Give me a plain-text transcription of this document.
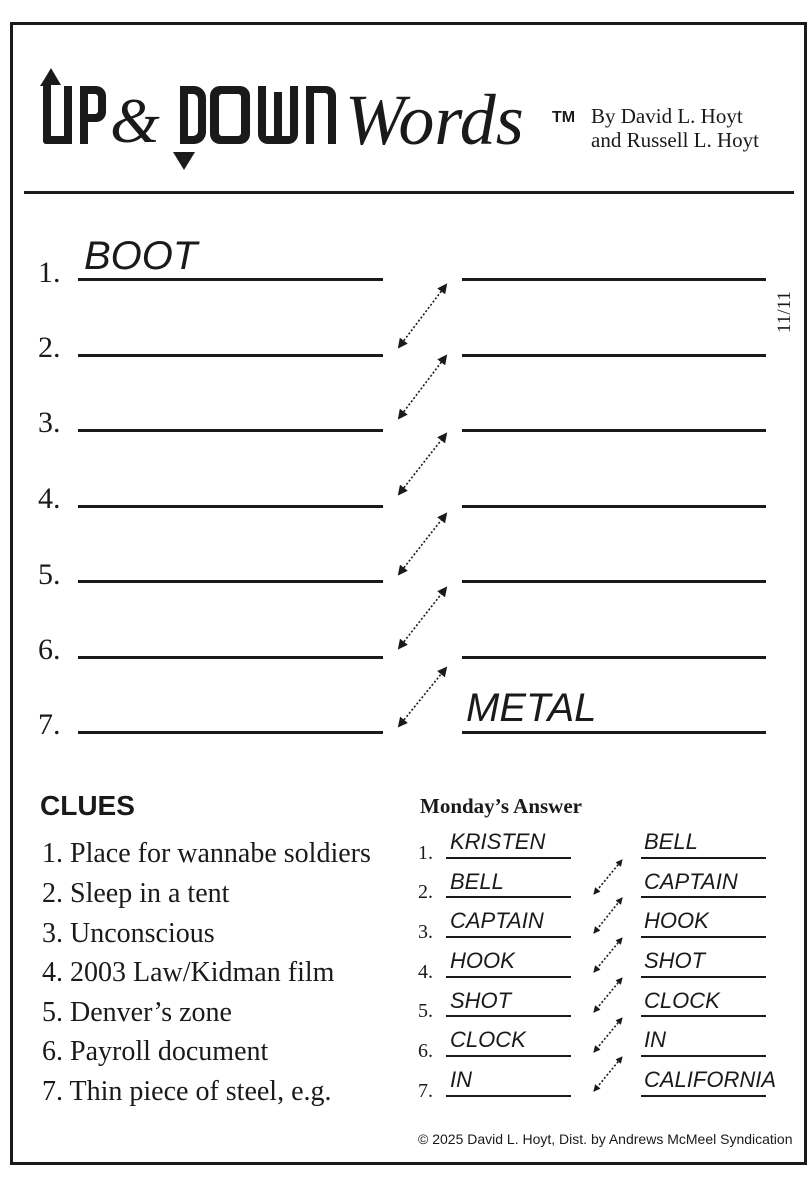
&	Words TM By David L. Hoyt
and Russell L. Hoyt
11/11
1.
2.
3.
4.
5.
6.
7.
BOOT
METAL
CLUES
1. Place for wannabe soldiers
2. Sleep in a tent
3. Unconscious
4. 2003 Law/Kidman film
5. Denver’s zone
6. Payroll document
7. Thin piece of steel, e.g.
Monday’s Answer
1.
2.
3.
4.
5.
6.
7.
KRISTEN
BELL
CAPTAIN
HOOK
SHOT
CLOCK
IN
BELL
CAPTAIN
HOOK
SHOT
CLOCK
IN
CALIFORNIA
© 2025 David L. Hoyt, Dist. by Andrews McMeel Syndication
